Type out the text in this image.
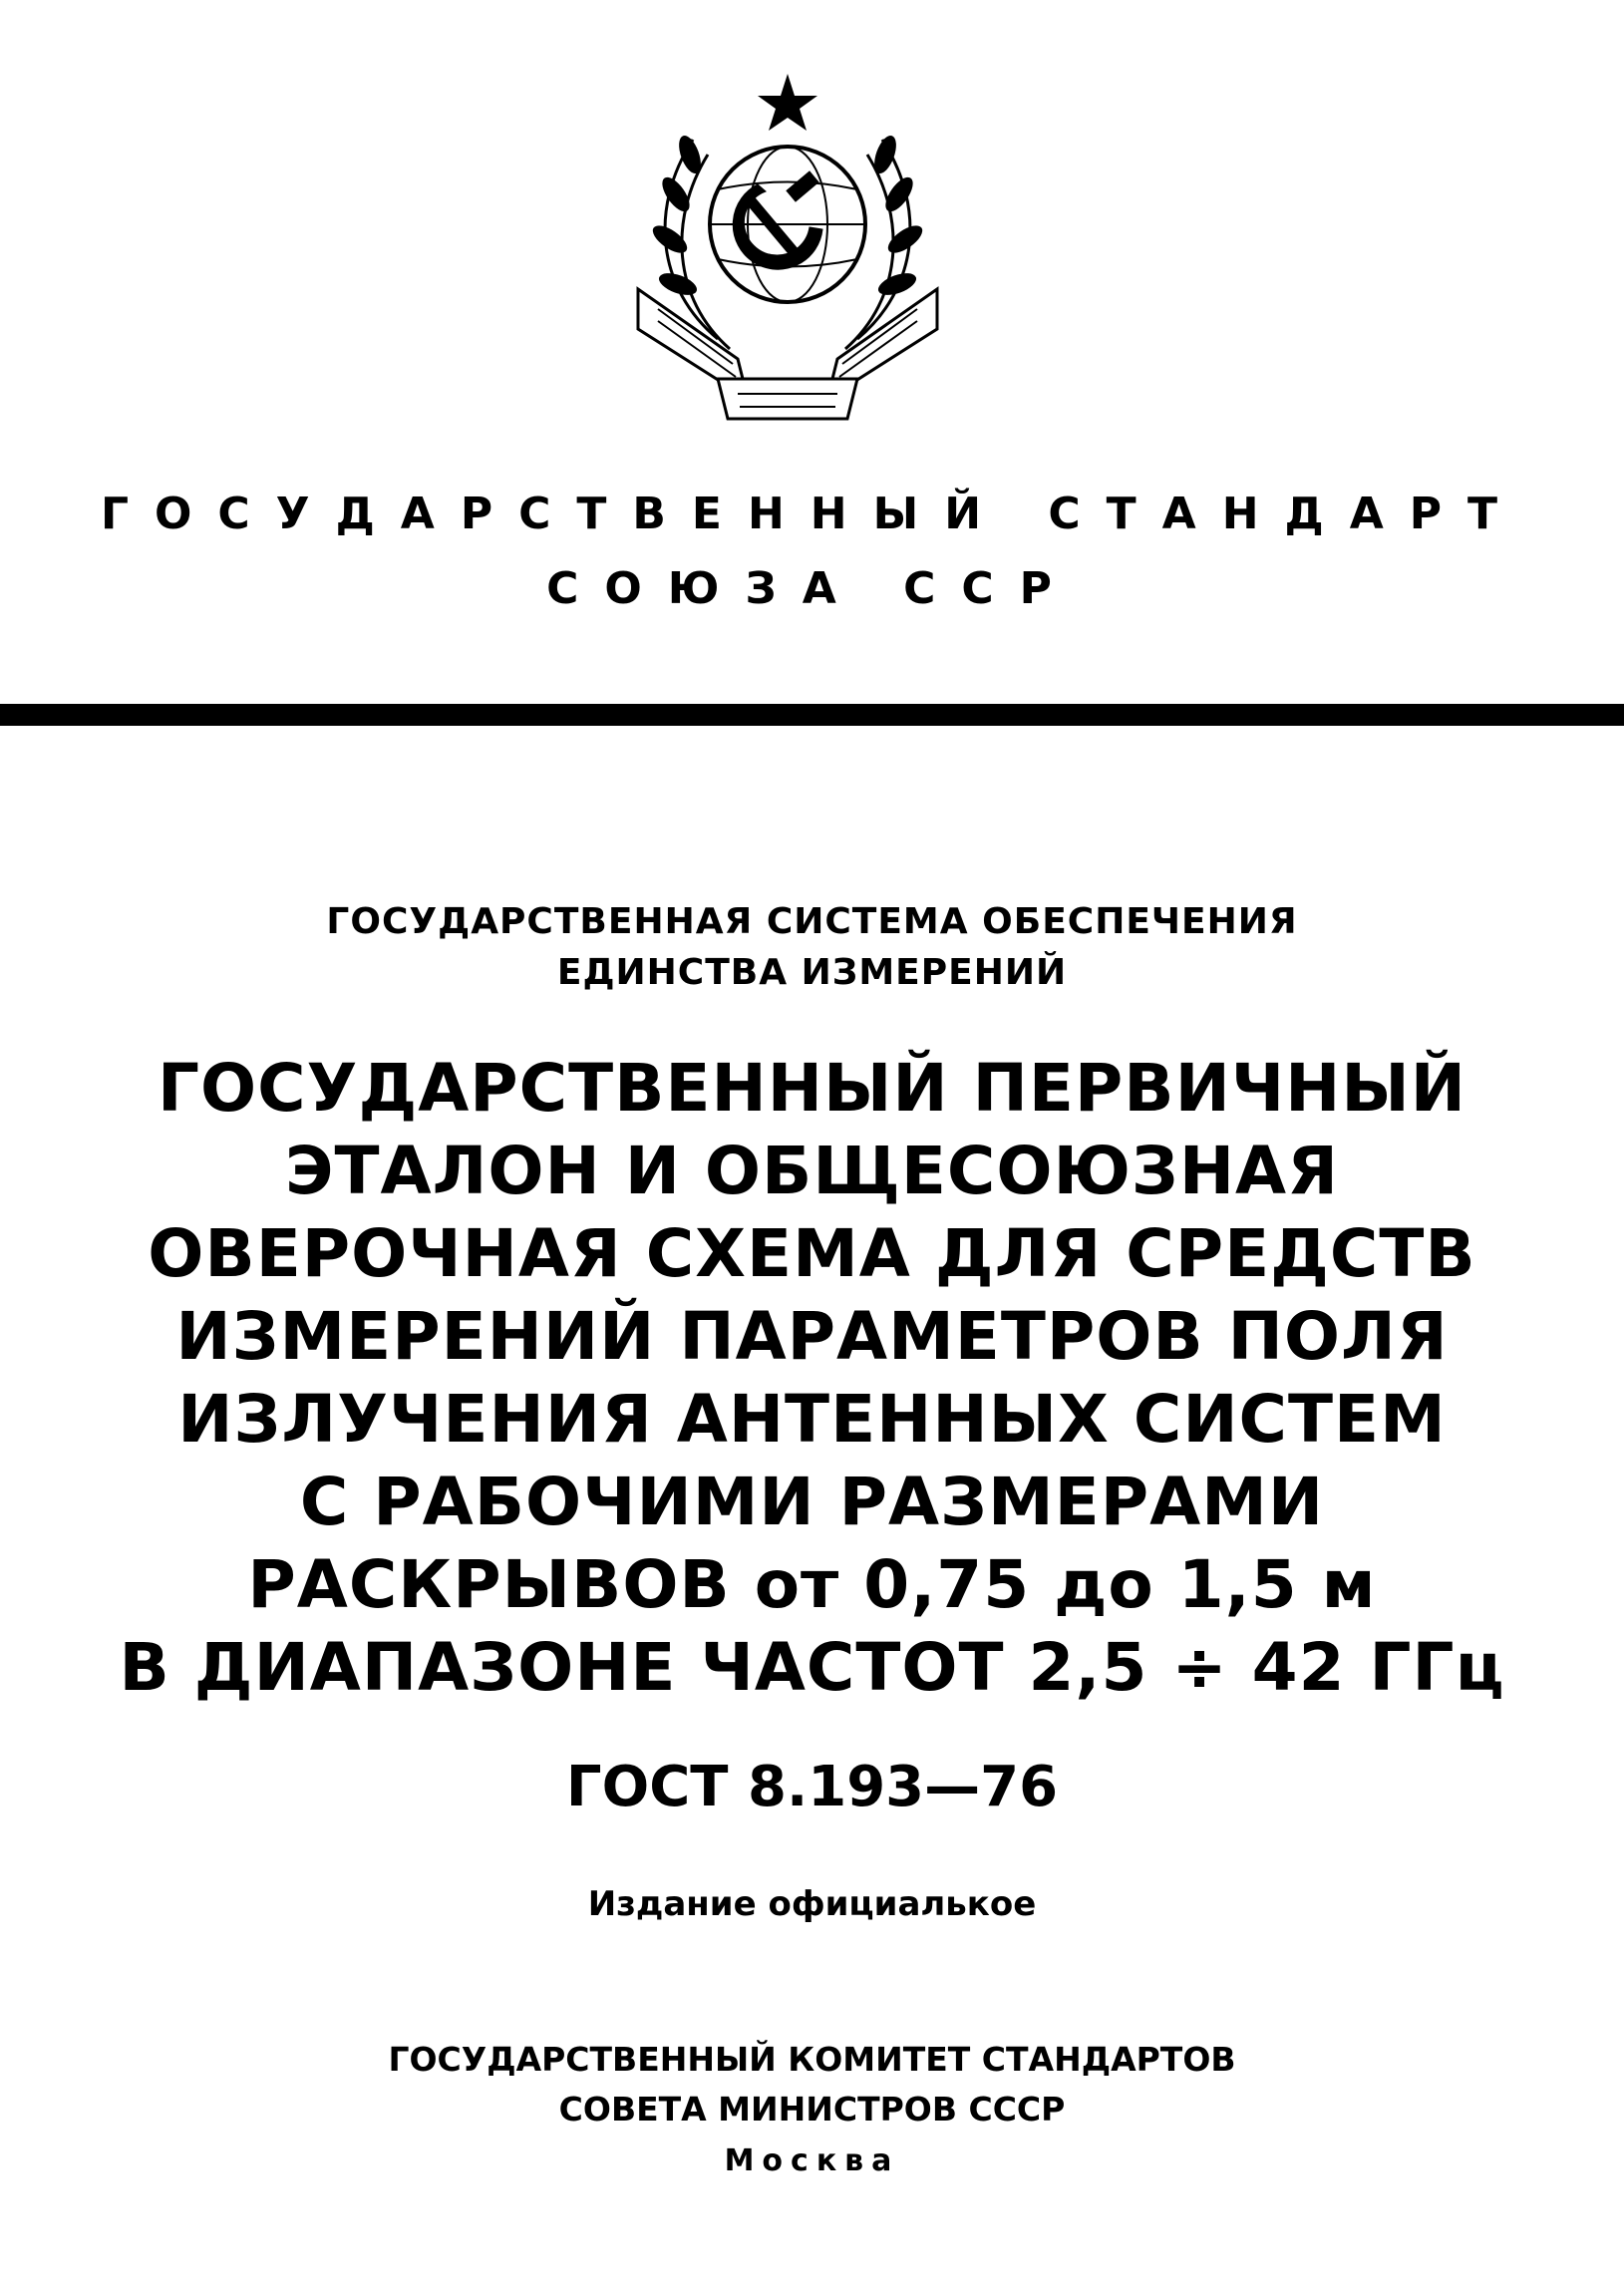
ГОСУДАРСТВЕННЫЙ СТАНДАРТ
СОЮЗА ССР
ГОСУДАРСТВЕННАЯ СИСТЕМА ОБЕСПЕЧЕНИЯ
ЕДИНСТВА ИЗМЕРЕНИЙ
ГОСУДАРСТВЕННЫЙ ПЕРВИЧНЫЙ
ЭТАЛОН И ОБЩЕСОЮЗНАЯ
ОВЕРОЧНАЯ СХЕМА ДЛЯ СРЕДСТВ
ИЗМЕРЕНИЙ ПАРАМЕТРОВ ПОЛЯ
ИЗЛУЧЕНИЯ АНТЕННЫХ СИСТЕМ
С РАБОЧИМИ РАЗМЕРАМИ
РАСКРЫВОВ от 0,75 до 1,5 м
В ДИАПАЗОНЕ ЧАСТОТ 2,5 ÷ 42 ГГц
ГОСТ 8.193—76
Издание официалькое
ГОСУДАРСТВЕННЫЙ КОМИТЕТ СТАНДАРТОВ
СОВЕТА МИНИСТРОВ СССР
Москва
